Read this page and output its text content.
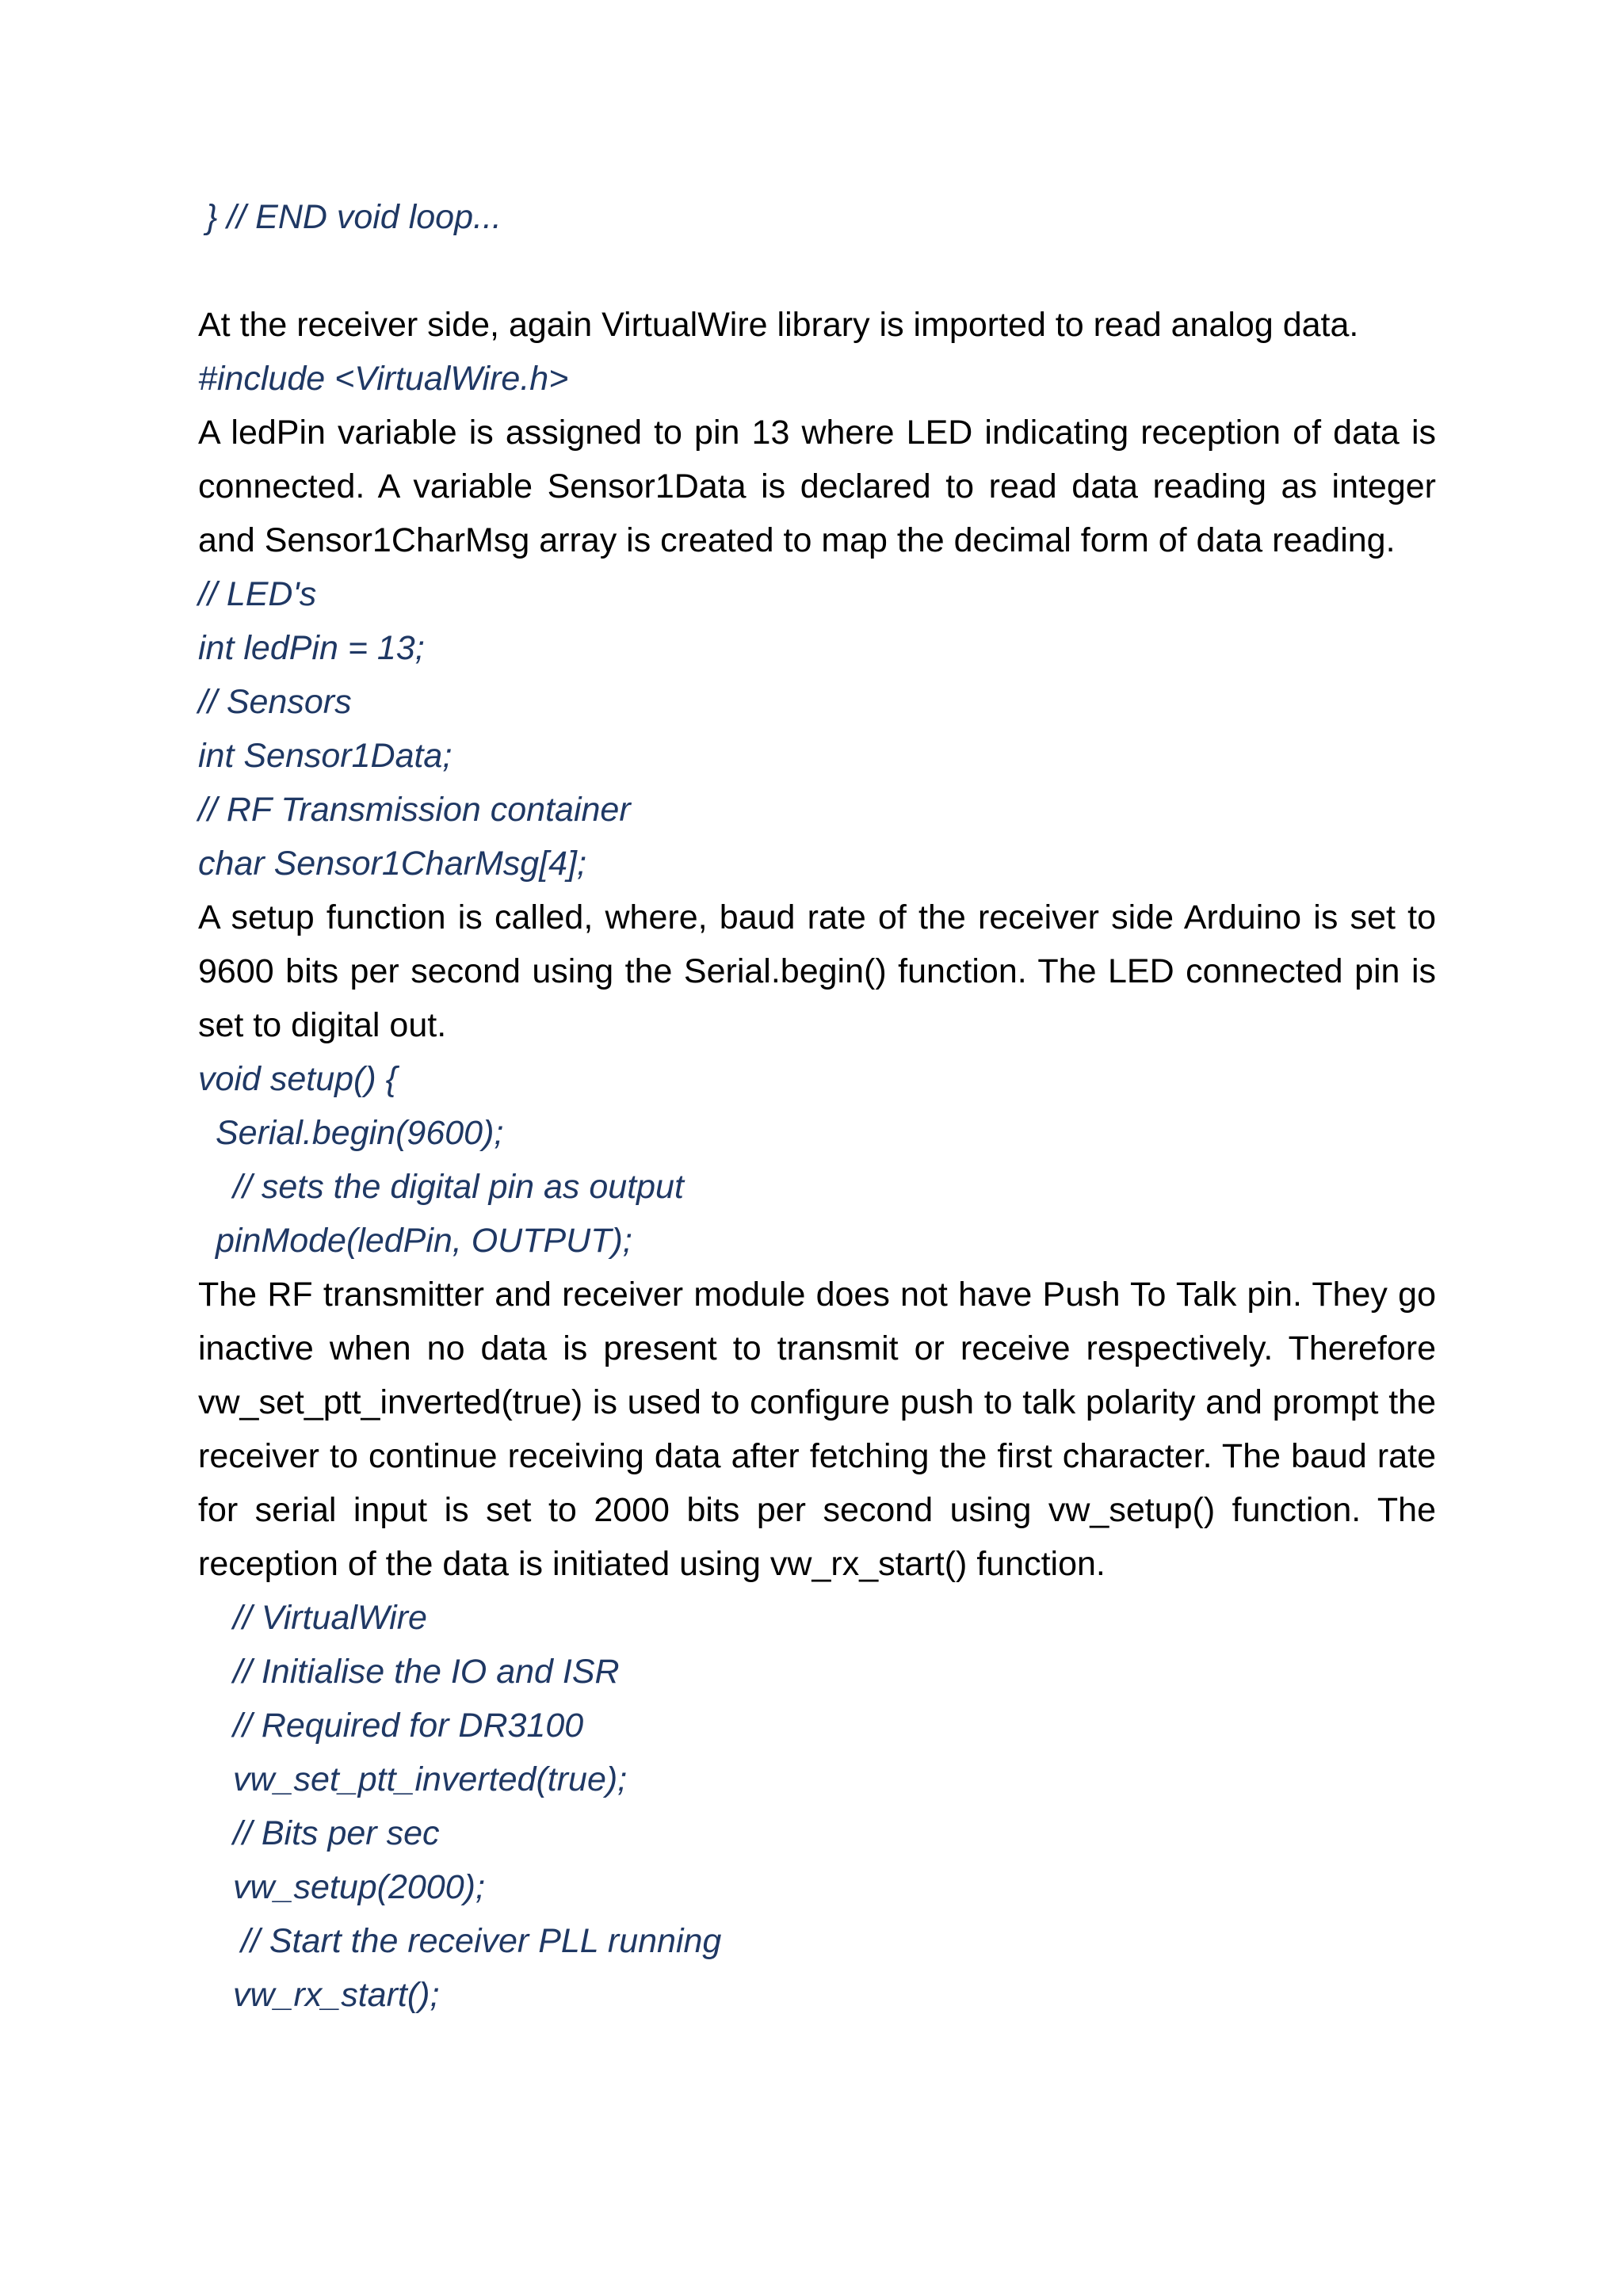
} // END void loop...
At the receiver side, again VirtualWire library is imported to read analog data.
#include <VirtualWire.h>
A ledPin variable is assigned to pin 13 where LED indicating reception of data is connected. A variable Sensor1Data is declared to read data reading as integer and Sensor1CharMsg array is created to map the decimal form of data reading.
// LED's
int ledPin = 13;
// Sensors
int Sensor1Data;
// RF Transmission container
char Sensor1CharMsg[4];
A setup function is called, where, baud rate of the receiver side Arduino is set to 9600 bits per second using the Serial.begin() function. The LED connected pin is set to digital out.
void setup() {
Serial.begin(9600);
// sets the digital pin as output
pinMode(ledPin, OUTPUT);
The RF transmitter and receiver module does not have Push To Talk pin. They go inactive when no data is present to transmit or receive respectively. Therefore vw_set_ptt_inverted(true) is used to configure push to talk polarity and prompt the receiver to continue receiving data after fetching the first character. The baud rate for serial input is set to 2000 bits per second using vw_setup() function. The reception of the data is initiated using vw_rx_start() function.
// VirtualWire
// Initialise the IO and ISR
// Required for DR3100
vw_set_ptt_inverted(true);
// Bits per sec
vw_setup(2000);
// Start the receiver PLL running
vw_rx_start();
